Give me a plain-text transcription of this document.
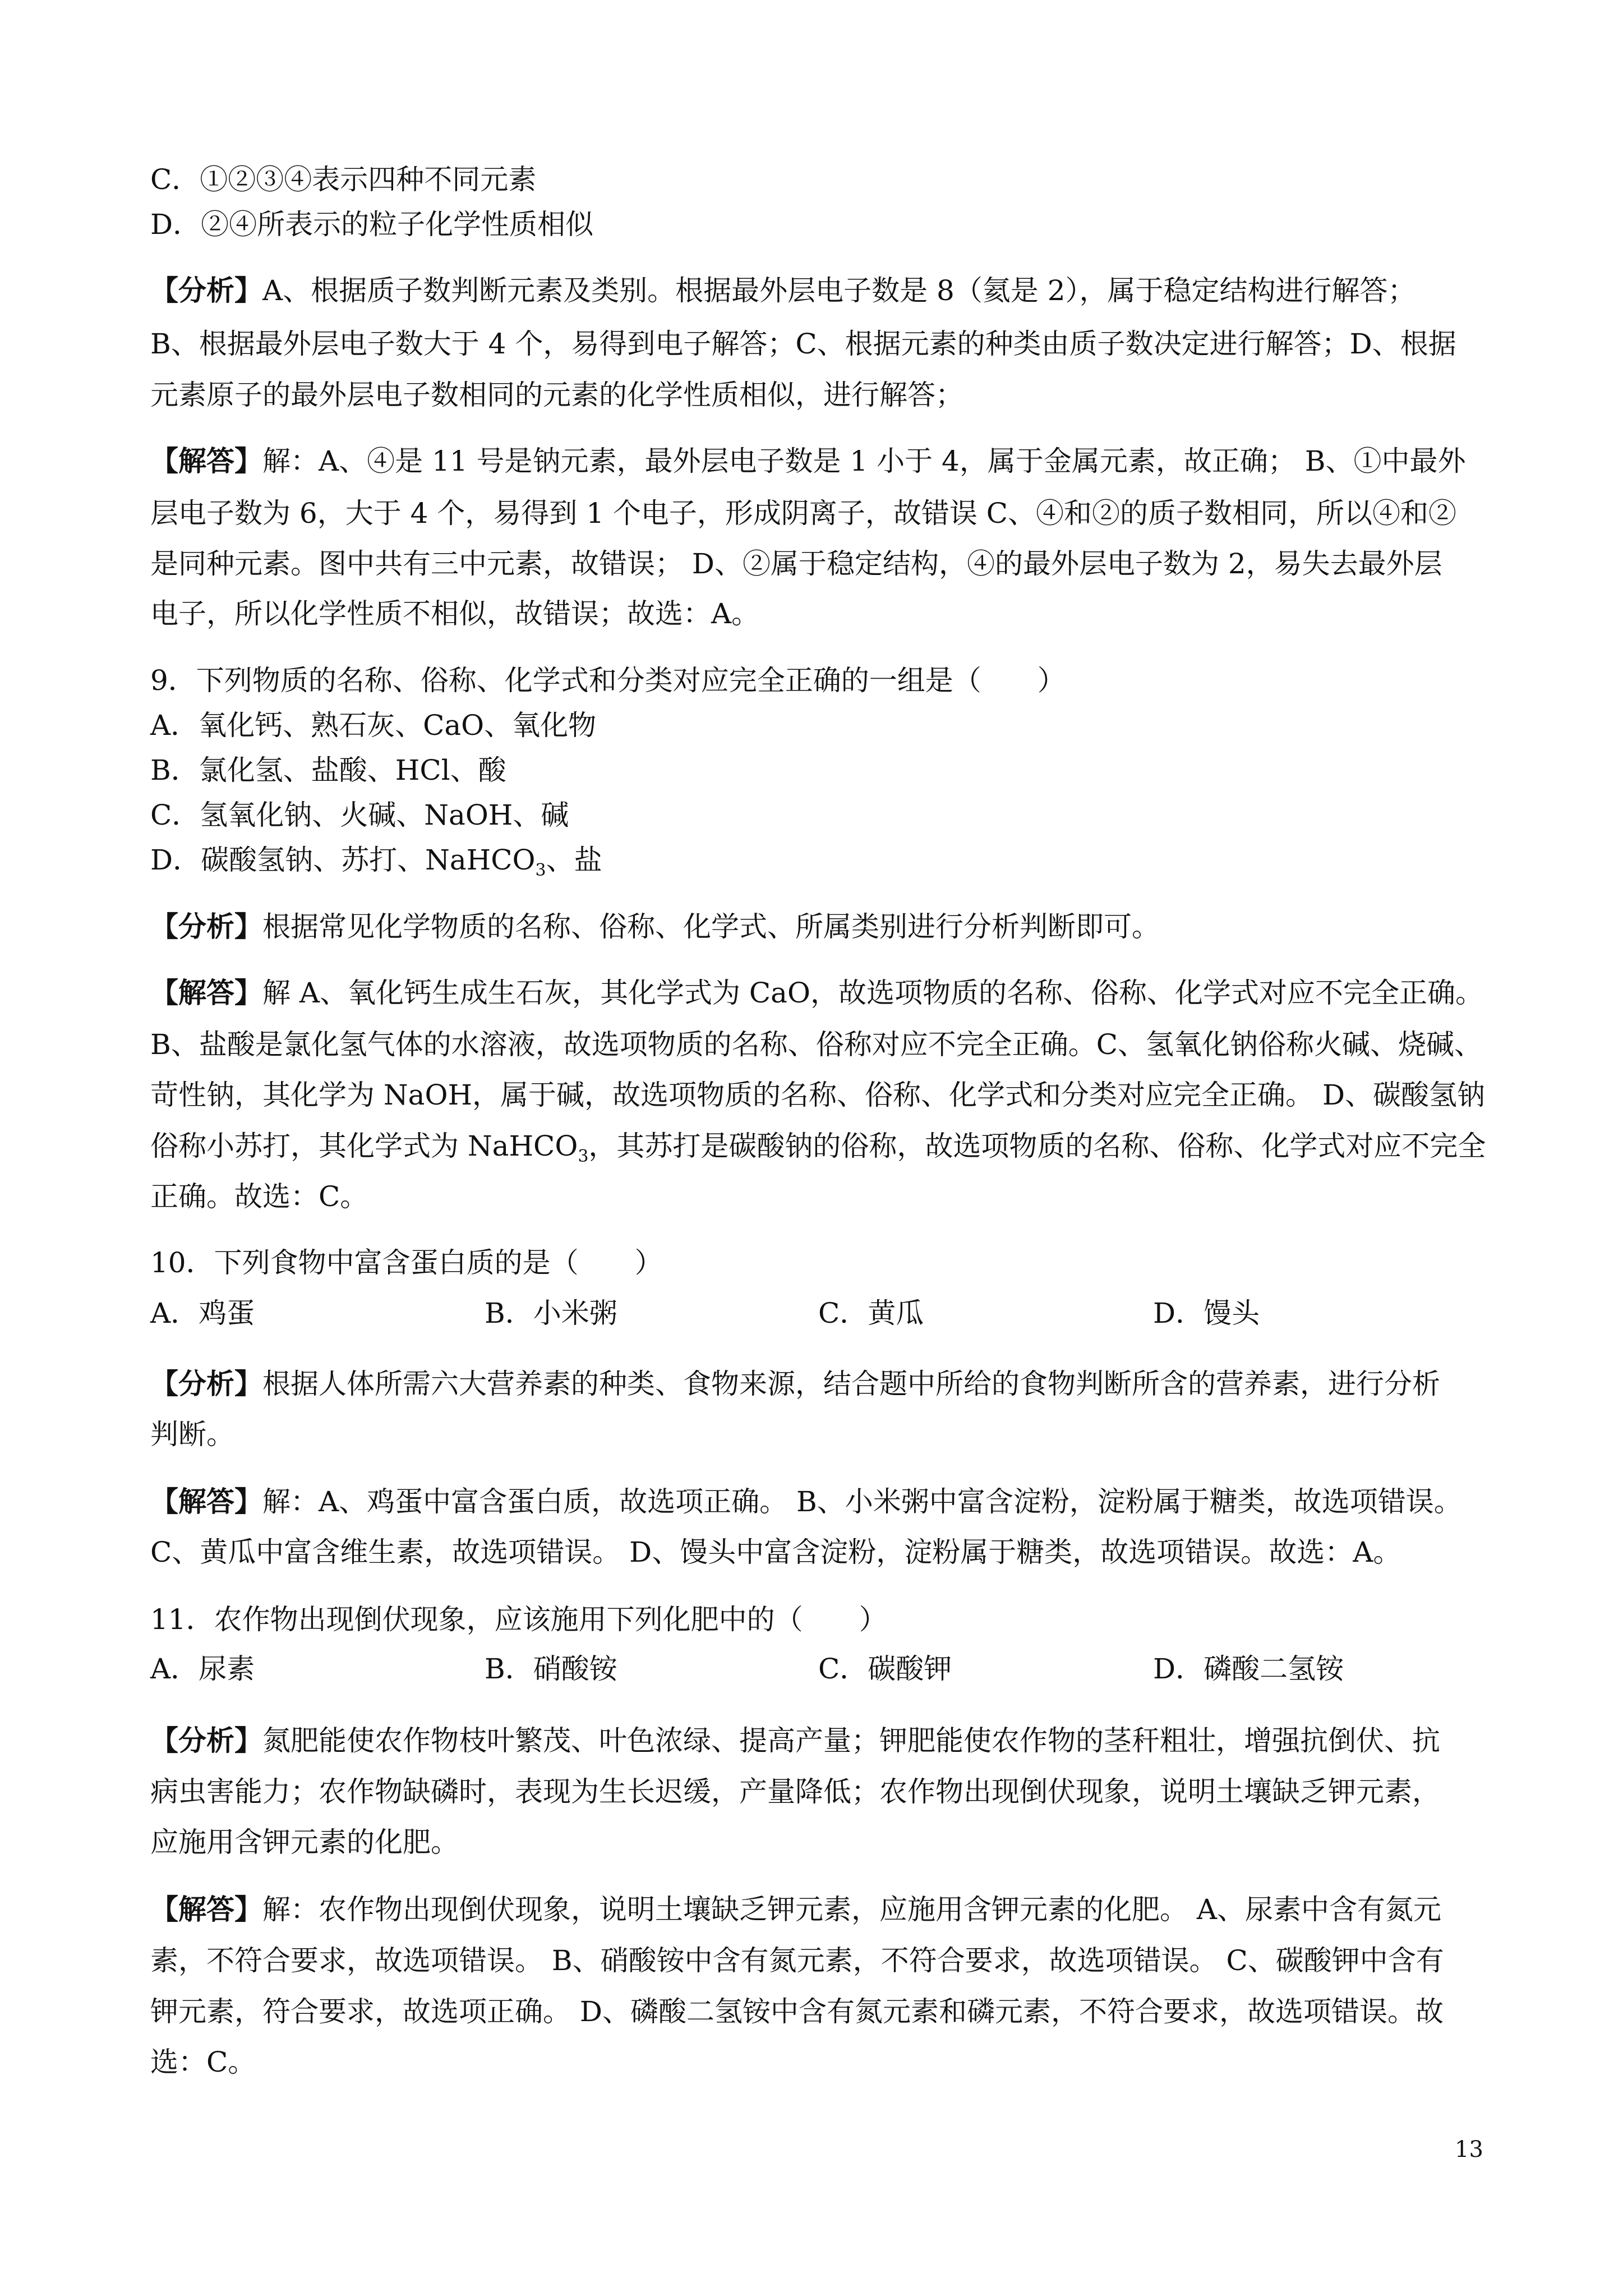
C．①②③④表示四种不同元素
D．②④所表示的粒子化学性质相似
【分析】A、根据质子数判断元素及类别。根据最外层电子数是 8（氦是 2），属于稳定结构进行解答；
B、根据最外层电子数大于 4 个，易得到电子解答；C、根据元素的种类由质子数决定进行解答；D、根据
元素原子的最外层电子数相同的元素的化学性质相似，进行解答；
【解答】解：A、④是 11 号是钠元素，最外层电子数是 1 小于 4，属于金属元素，故正确； B、①中最外
层电子数为 6，大于 4 个，易得到 1 个电子，形成阴离子，故错误 C、④和②的质子数相同，所以④和②
是同种元素。图中共有三中元素，故错误； D、②属于稳定结构，④的最外层电子数为 2，易失去最外层
电子，所以化学性质不相似，故错误；故选：A。
9．下列物质的名称、俗称、化学式和分类对应完全正确的一组是（　　）
A．氧化钙、熟石灰、CaO、氧化物
B．氯化氢、盐酸、HCl、酸
C．氢氧化钠、火碱、NaOH、碱
D．碳酸氢钠、苏打、NaHCO$_3$、盐
【分析】根据常见化学物质的名称、俗称、化学式、所属类别进行分析判断即可。
【解答】解 A、氧化钙生成生石灰，其化学式为 CaO，故选项物质的名称、俗称、化学式对应不完全正确。
B、盐酸是氯化氢气体的水溶液，故选项物质的名称、俗称对应不完全正确。C、氢氧化钠俗称火碱、烧碱、
苛性钠，其化学为 NaOH，属于碱，故选项物质的名称、俗称、化学式和分类对应完全正确。 D、碳酸氢钠
俗称小苏打，其化学式为 NaHCO$_3$，其苏打是碳酸钠的俗称，故选项物质的名称、俗称、化学式对应不完全
正确。故选：C。
10．下列食物中富含蛋白质的是（　　）
A．鸡蛋	B．小米粥	C．黄瓜	D．馒头
【分析】根据人体所需六大营养素的种类、食物来源，结合题中所给的食物判断所含的营养素，进行分析
判断。
【解答】解：A、鸡蛋中富含蛋白质，故选项正确。 B、小米粥中富含淀粉，淀粉属于糖类，故选项错误。
C、黄瓜中富含维生素，故选项错误。 D、馒头中富含淀粉，淀粉属于糖类，故选项错误。故选：A。
11．农作物出现倒伏现象，应该施用下列化肥中的（　　）
A．尿素	B．硝酸铵	C．碳酸钾	D．磷酸二氢铵
【分析】氮肥能使农作物枝叶繁茂、叶色浓绿、提高产量；钾肥能使农作物的茎秆粗壮，增强抗倒伏、抗
病虫害能力；农作物缺磷时，表现为生长迟缓，产量降低；农作物出现倒伏现象，说明土壤缺乏钾元素，
应施用含钾元素的化肥。
【解答】解：农作物出现倒伏现象，说明土壤缺乏钾元素，应施用含钾元素的化肥。 A、尿素中含有氮元
素，不符合要求，故选项错误。 B、硝酸铵中含有氮元素，不符合要求，故选项错误。 C、碳酸钾中含有
钾元素，符合要求，故选项正确。 D、磷酸二氢铵中含有氮元素和磷元素，不符合要求，故选项错误。故
选：C。
13
